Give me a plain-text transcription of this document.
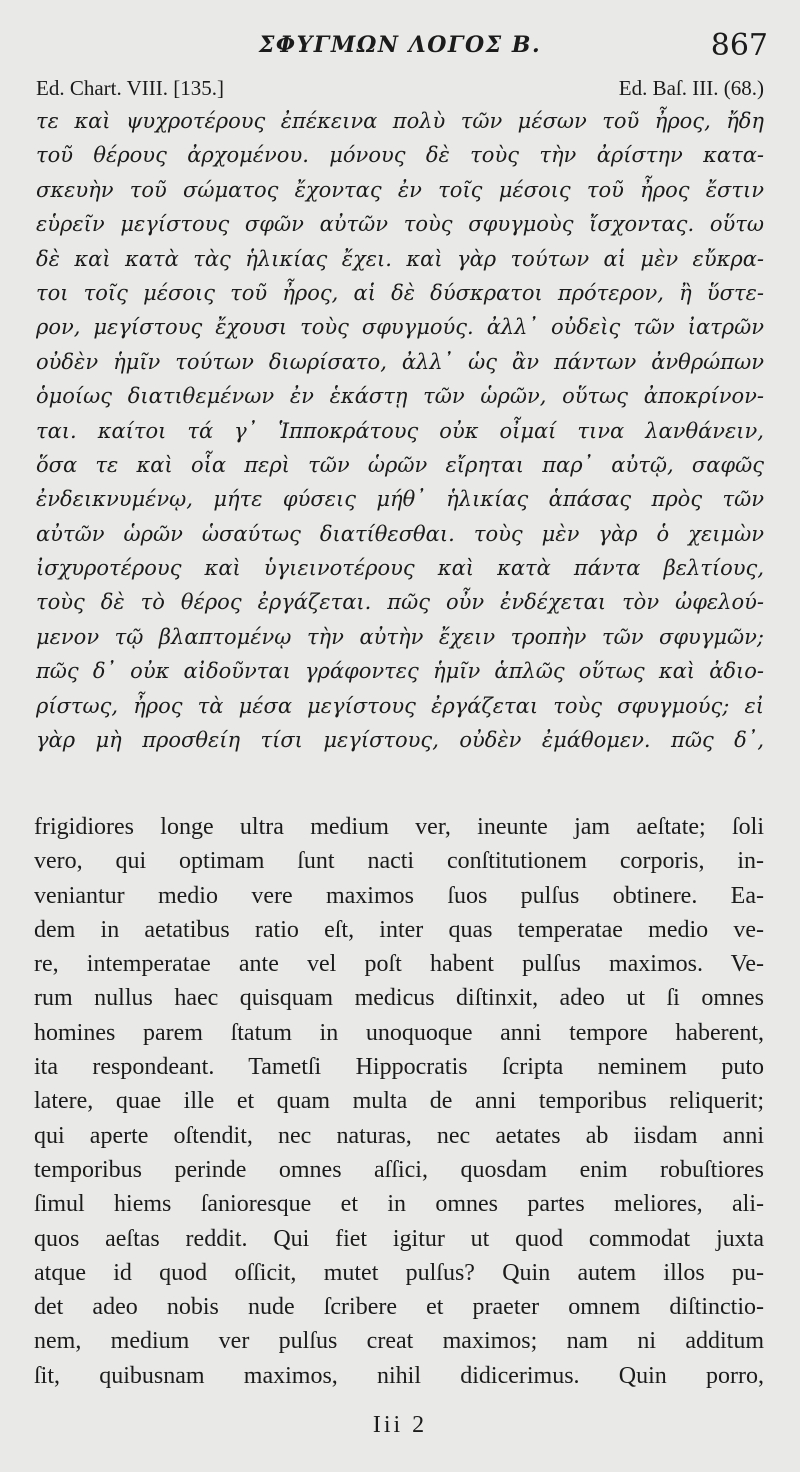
ΣΦΥΓΜΩΝ ΛΟΓΟΣ Β.	867
Ed. Chart. VIII. [135.]	Ed. Baſ. III. (68.)
τε καὶ ψυχροτέρους ἐπέκεινα πολὺ τῶν μέσων τοῦ ἦρος, ἤδη
τοῦ θέρους ἀρχομένου. μόνους δὲ τοὺς τὴν ἀρίστην κατα-
σκευὴν τοῦ σώματος ἔχοντας ἐν τοῖς μέσοις τοῦ ἦρος ἔστιν
εὑρεῖν μεγίστους σφῶν αὐτῶν τοὺς σφυγμοὺς ἴσχοντας. οὕτω
δὲ καὶ κατὰ τὰς ἡλικίας ἔχει. καὶ γὰρ τούτων αἱ μὲν εὔκρα-
τοι τοῖς μέσοις τοῦ ἦρος, αἱ δὲ δύσκρατοι πρότερον, ἢ ὕστε-
ρον, μεγίστους ἔχουσι τοὺς σφυγμούς. ἀλλ᾽ οὐδεὶς τῶν ἰατρῶν
οὐδὲν ἡμῖν τούτων διωρίσατο, ἀλλ᾽ ὡς ἂν πάντων ἀνθρώπων
ὁμοίως διατιθεμένων ἐν ἑκάστῃ τῶν ὡρῶν, οὕτως ἀποκρίνον-
ται. καίτοι τά γ᾽ Ἱπποκράτους οὐκ οἶμαί τινα λανθάνειν,
ὅσα τε καὶ οἷα περὶ τῶν ὡρῶν εἴρηται παρ᾽ αὐτῷ, σαφῶς
ἐνδεικνυμένῳ, μήτε φύσεις μήθ᾽ ἡλικίας ἁπάσας πρὸς τῶν
αὐτῶν ὡρῶν ὡσαύτως διατίθεσθαι. τοὺς μὲν γὰρ ὁ χειμὼν
ἰσχυροτέρους καὶ ὑγιεινοτέρους καὶ κατὰ πάντα βελτίους,
τοὺς δὲ τὸ θέρος ἐργάζεται. πῶς οὖν ἐνδέχεται τὸν ὠφελού-
μενον τῷ βλαπτομένῳ τὴν αὐτὴν ἔχειν τροπὴν τῶν σφυγμῶν;
πῶς δ᾽ οὐκ αἰδοῦνται γράφοντες ἡμῖν ἁπλῶς οὕτως καὶ ἀδιο-
ρίστως, ἦρος τὰ μέσα μεγίστους ἐργάζεται τοὺς σφυγμούς; εἰ
γὰρ μὴ προσθείη τίσι μεγίστους, οὐδὲν ἐμάθομεν. πῶς δ᾽,
frigidiores longe ultra medium ver, ineunte jam aeſtate; ſoli
vero, qui optimam ſunt nacti conſtitutionem corporis, in-
veniantur medio vere maximos ſuos pulſus obtinere. Ea-
dem in aetatibus ratio eſt, inter quas temperatae medio ve-
re, intemperatae ante vel poſt habent pulſus maximos. Ve-
rum nullus haec quisquam medicus diſtinxit, adeo ut ſi omnes
homines parem ſtatum in unoquoque anni tempore haberent,
ita respondeant. Tametſi Hippocratis ſcripta neminem puto
latere, quae ille et quam multa de anni temporibus reliquerit;
qui aperte oſtendit, nec naturas, nec aetates ab iisdam anni
temporibus perinde omnes aſſici, quosdam enim robuſtiores
ſimul hiems ſanioresque et in omnes partes meliores, ali-
quos aeſtas reddit. Qui fiet igitur ut quod commodat juxta
atque id quod oſſicit, mutet pulſus? Quin autem illos pu-
det adeo nobis nude ſcribere et praeter omnem diſtinctio-
nem, medium ver pulſus creat maximos; nam ni additum
ſit, quibusnam maximos, nihil didicerimus. Quin porro,
Iii 2
